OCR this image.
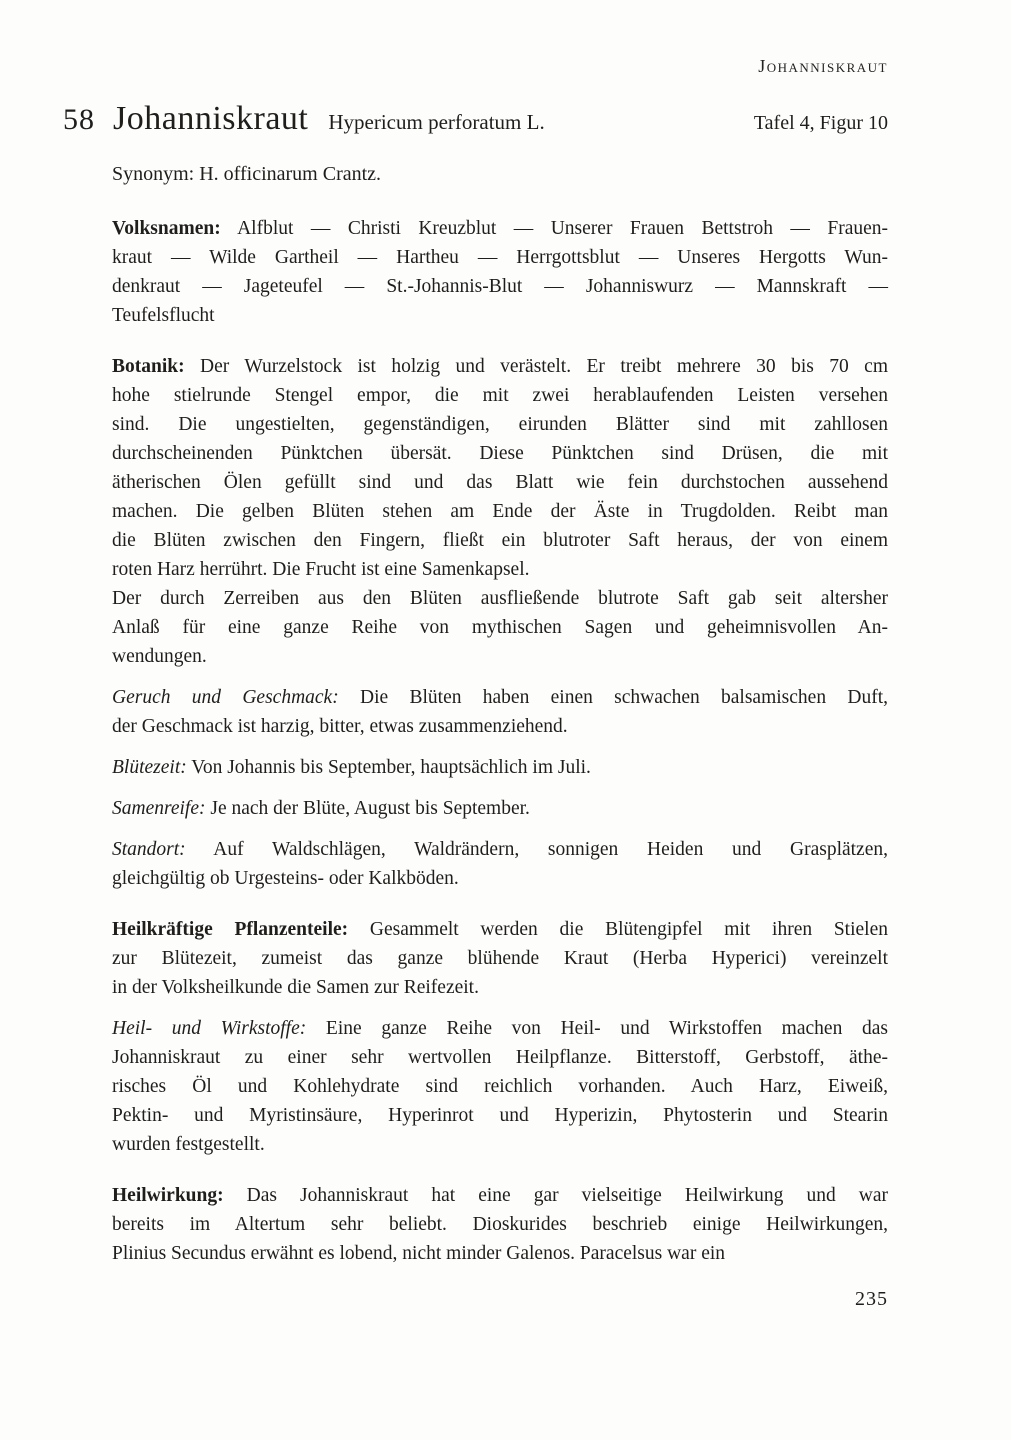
Johanniskraut
58 Johanniskraut Hypericum perforatum L.	Tafel 4, Figur 10
Synonym: H. officinarum Crantz.
Volksnamen: Alfblut — Christi Kreuzblut — Unserer Frauen Bettstroh — Frauen-
kraut — Wilde Gartheil — Hartheu — Herrgottsblut — Unseres Hergotts Wun-
denkraut — Jageteufel — St.-Johannis-Blut — Johanniswurz — Mannskraft —
Teufelsflucht
Botanik: Der Wurzelstock ist holzig und verästelt. Er treibt mehrere 30 bis 70 cm
hohe stielrunde Stengel empor, die mit zwei herablaufenden Leisten versehen
sind. Die ungestielten, gegenständigen, eirunden Blätter sind mit zahllosen
durchscheinenden Pünktchen übersät. Diese Pünktchen sind Drüsen, die mit
ätherischen Ölen gefüllt sind und das Blatt wie fein durchstochen aussehend
machen. Die gelben Blüten stehen am Ende der Äste in Trugdolden. Reibt man
die Blüten zwischen den Fingern, fließt ein blutroter Saft heraus, der von einem
roten Harz herrührt. Die Frucht ist eine Samenkapsel.
Der durch Zerreiben aus den Blüten ausfließende blutrote Saft gab seit altersher
Anlaß für eine ganze Reihe von mythischen Sagen und geheimnisvollen An-
wendungen.
Geruch und Geschmack: Die Blüten haben einen schwachen balsamischen Duft,
der Geschmack ist harzig, bitter, etwas zusammenziehend.
Blütezeit: Von Johannis bis September, hauptsächlich im Juli.
Samenreife: Je nach der Blüte, August bis September.
Standort: Auf Waldschlägen, Waldrändern, sonnigen Heiden und Grasplätzen,
gleichgültig ob Urgesteins- oder Kalkböden.
Heilkräftige Pflanzenteile: Gesammelt werden die Blütengipfel mit ihren Stielen
zur Blütezeit, zumeist das ganze blühende Kraut (Herba Hyperici) vereinzelt
in der Volksheilkunde die Samen zur Reifezeit.
Heil- und Wirkstoffe: Eine ganze Reihe von Heil- und Wirkstoffen machen das
Johanniskraut zu einer sehr wertvollen Heilpflanze. Bitterstoff, Gerbstoff, äthe-
risches Öl und Kohlehydrate sind reichlich vorhanden. Auch Harz, Eiweiß,
Pektin- und Myristinsäure, Hyperinrot und Hyperizin, Phytosterin und Stearin
wurden festgestellt.
Heilwirkung: Das Johanniskraut hat eine gar vielseitige Heilwirkung und war
bereits im Altertum sehr beliebt. Dioskurides beschrieb einige Heilwirkungen,
Plinius Secundus erwähnt es lobend, nicht minder Galenos. Paracelsus war ein
235
